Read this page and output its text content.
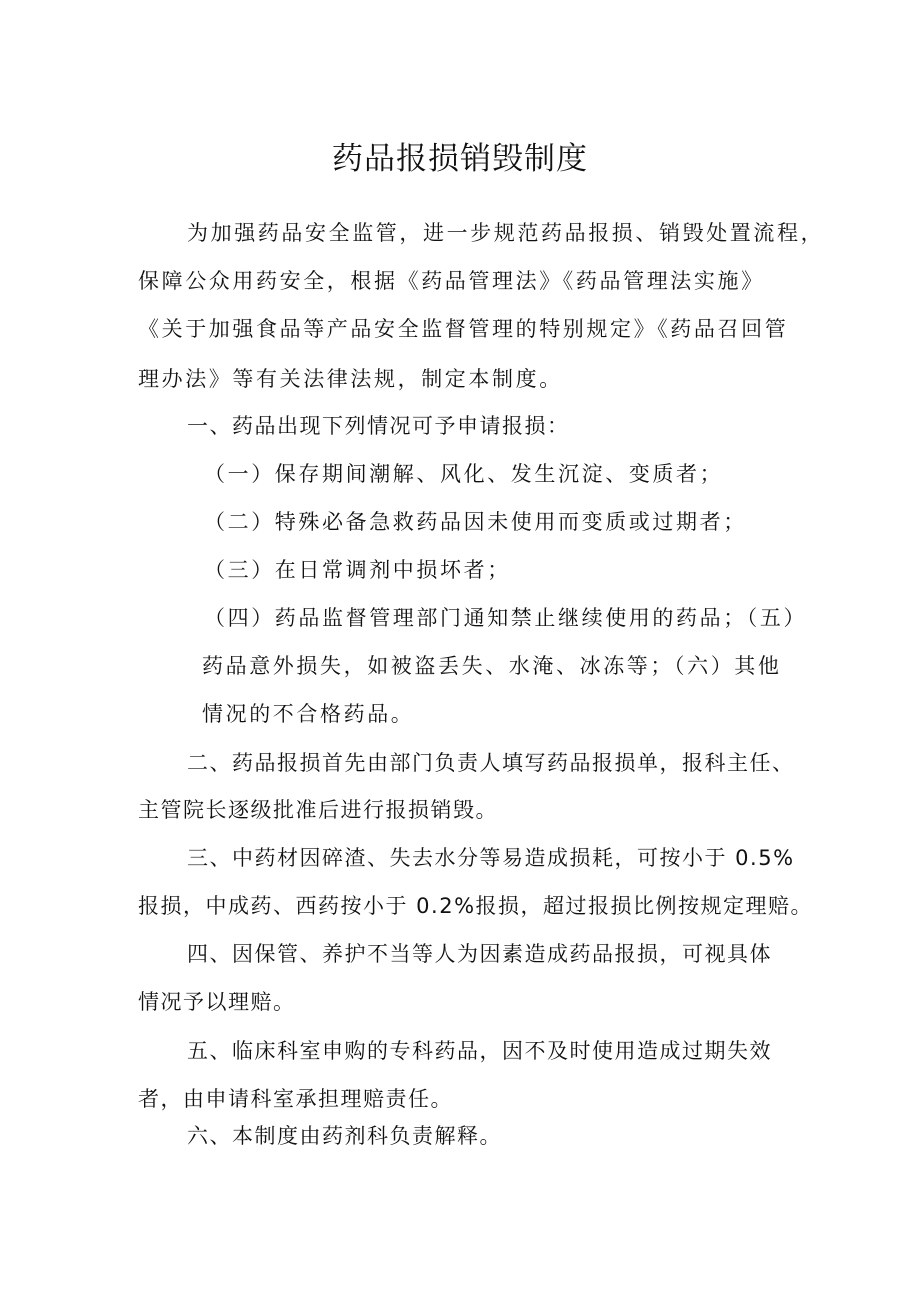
药品报损销毁制度
为加强药品安全监管，进一步规范药品报损、销毁处置流程，
保障公众用药安全，根据《药品管理法》《药品管理法实施》
《关于加强食品等产品安全监督管理的特别规定》《药品召回管
理办法》等有关法律法规，制定本制度。
一、药品出现下列情况可予申请报损：
（一）保存期间潮解、风化、发生沉淀、变质者；
（二）特殊必备急救药品因未使用而变质或过期者；
（三）在日常调剂中损坏者；
（四）药品监督管理部门通知禁止继续使用的药品；（五）
药品意外损失，如被盗丢失、水淹、冰冻等；（六）其他
情况的不合格药品。
二、药品报损首先由部门负责人填写药品报损单，报科主任、
主管院长逐级批准后进行报损销毁。
三、中药材因碎渣、失去水分等易造成损耗，可按小于 0.5%
报损，中成药、西药按小于 0.2%报损，超过报损比例按规定理赔。
四、因保管、养护不当等人为因素造成药品报损，可视具体
情况予以理赔。
五、临床科室申购的专科药品，因不及时使用造成过期失效
者，由申请科室承担理赔责任。
六、本制度由药剂科负责解释。
